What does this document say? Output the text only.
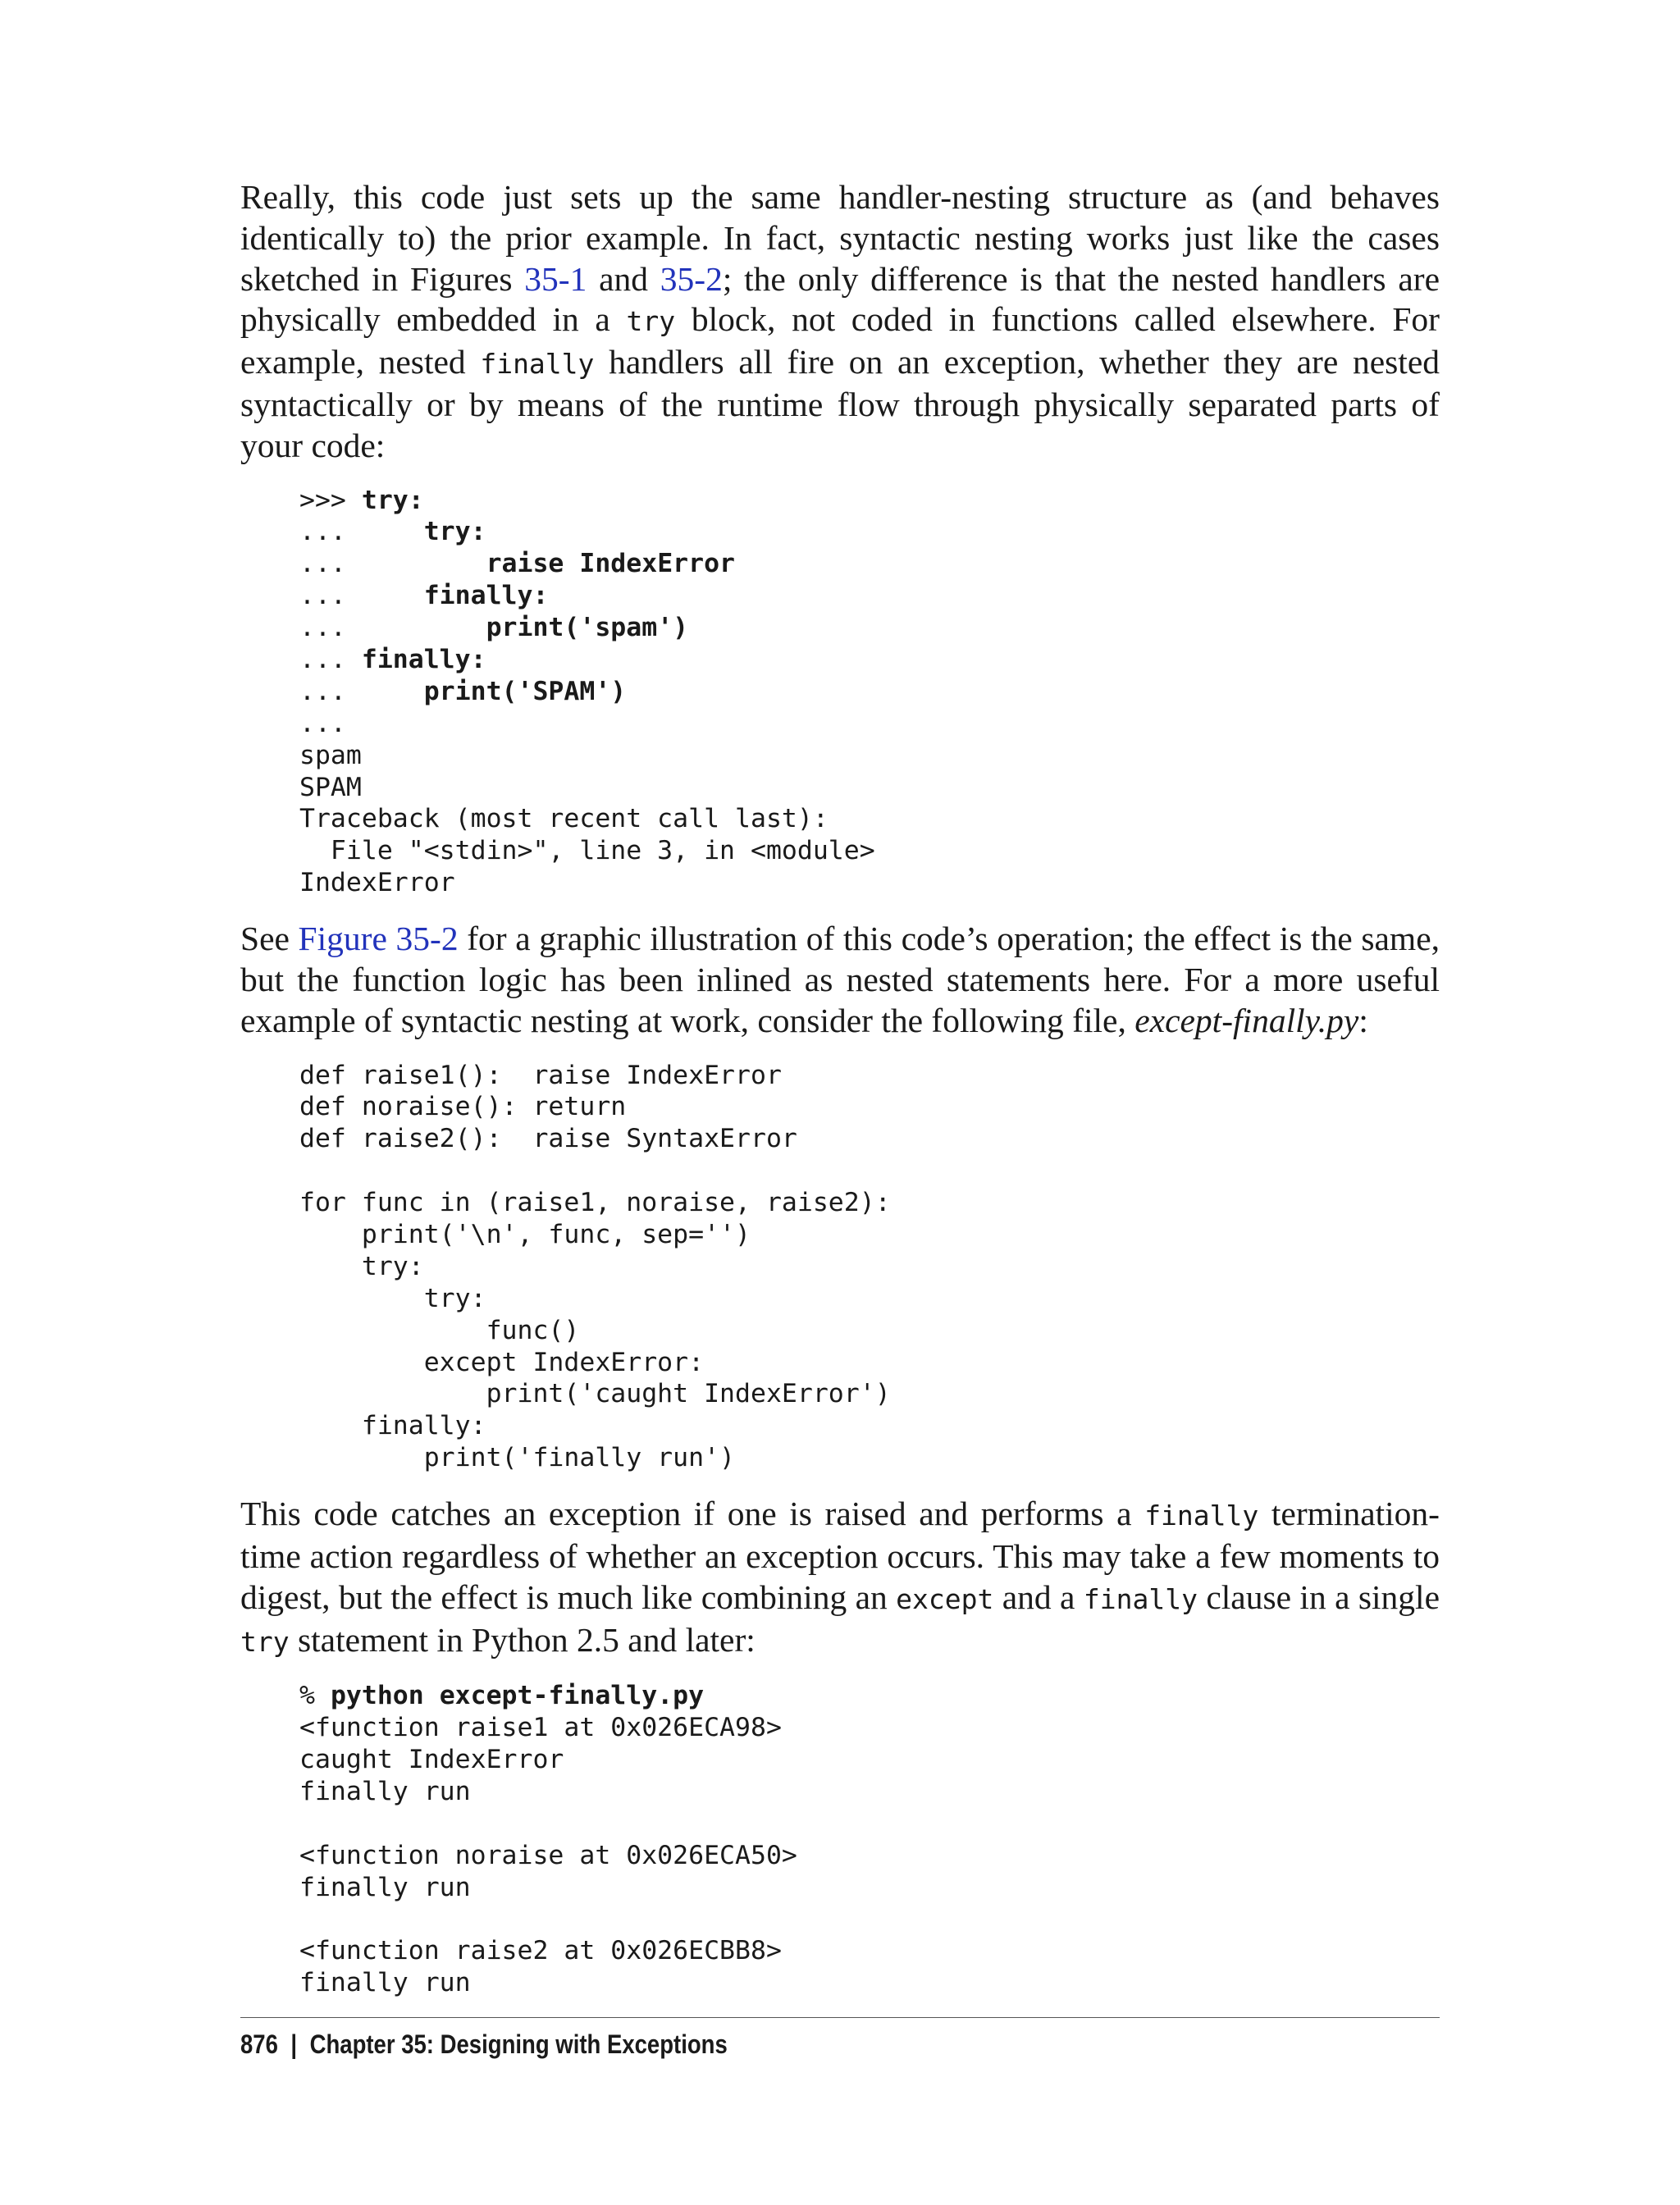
Really, this code just sets up the same handler-nesting structure as (and behaves identically to) the prior example. In fact, syntactic nesting works just like the cases sketched in Figures 35-1 and 35-2; the only difference is that the nested handlers are physically embedded in a try block, not coded in functions called elsewhere. For example, nested finally handlers all fire on an exception, whether they are nested syntactically or by means of the runtime flow through physically separated parts of your code:

>>> try:
...     try:
...         raise IndexError
...     finally:
...         print('spam')
... finally:
...     print('SPAM')
...
spam
SPAM
Traceback (most recent call last):
File "<stdin>", line 3, in <module>
IndexError

See Figure 35-2 for a graphic illustration of this code’s operation; the effect is the same, but the function logic has been inlined as nested statements here. For a more useful example of syntactic nesting at work, consider the following file, except-finally.py:

def raise1():  raise IndexError
def noraise(): return
def raise2():  raise SyntaxError
for func in (raise1, noraise, raise2):
print('\n', func, sep='')
try:
try:
func()
except IndexError:
print('caught IndexError')
finally:
print('finally run')

This code catches an exception if one is raised and performs a finally termination-time action regardless of whether an exception occurs. This may take a few moments to digest, but the effect is much like combining an except and a finally clause in a single try statement in Python 2.5 and later:

% python except-finally.py
<function raise1 at 0x026ECA98>
caught IndexError
finally run
<function noraise at 0x026ECA50>
finally run
<function raise2 at 0x026ECBB8>
finally run
876 | Chapter 35: Designing with Exceptions
